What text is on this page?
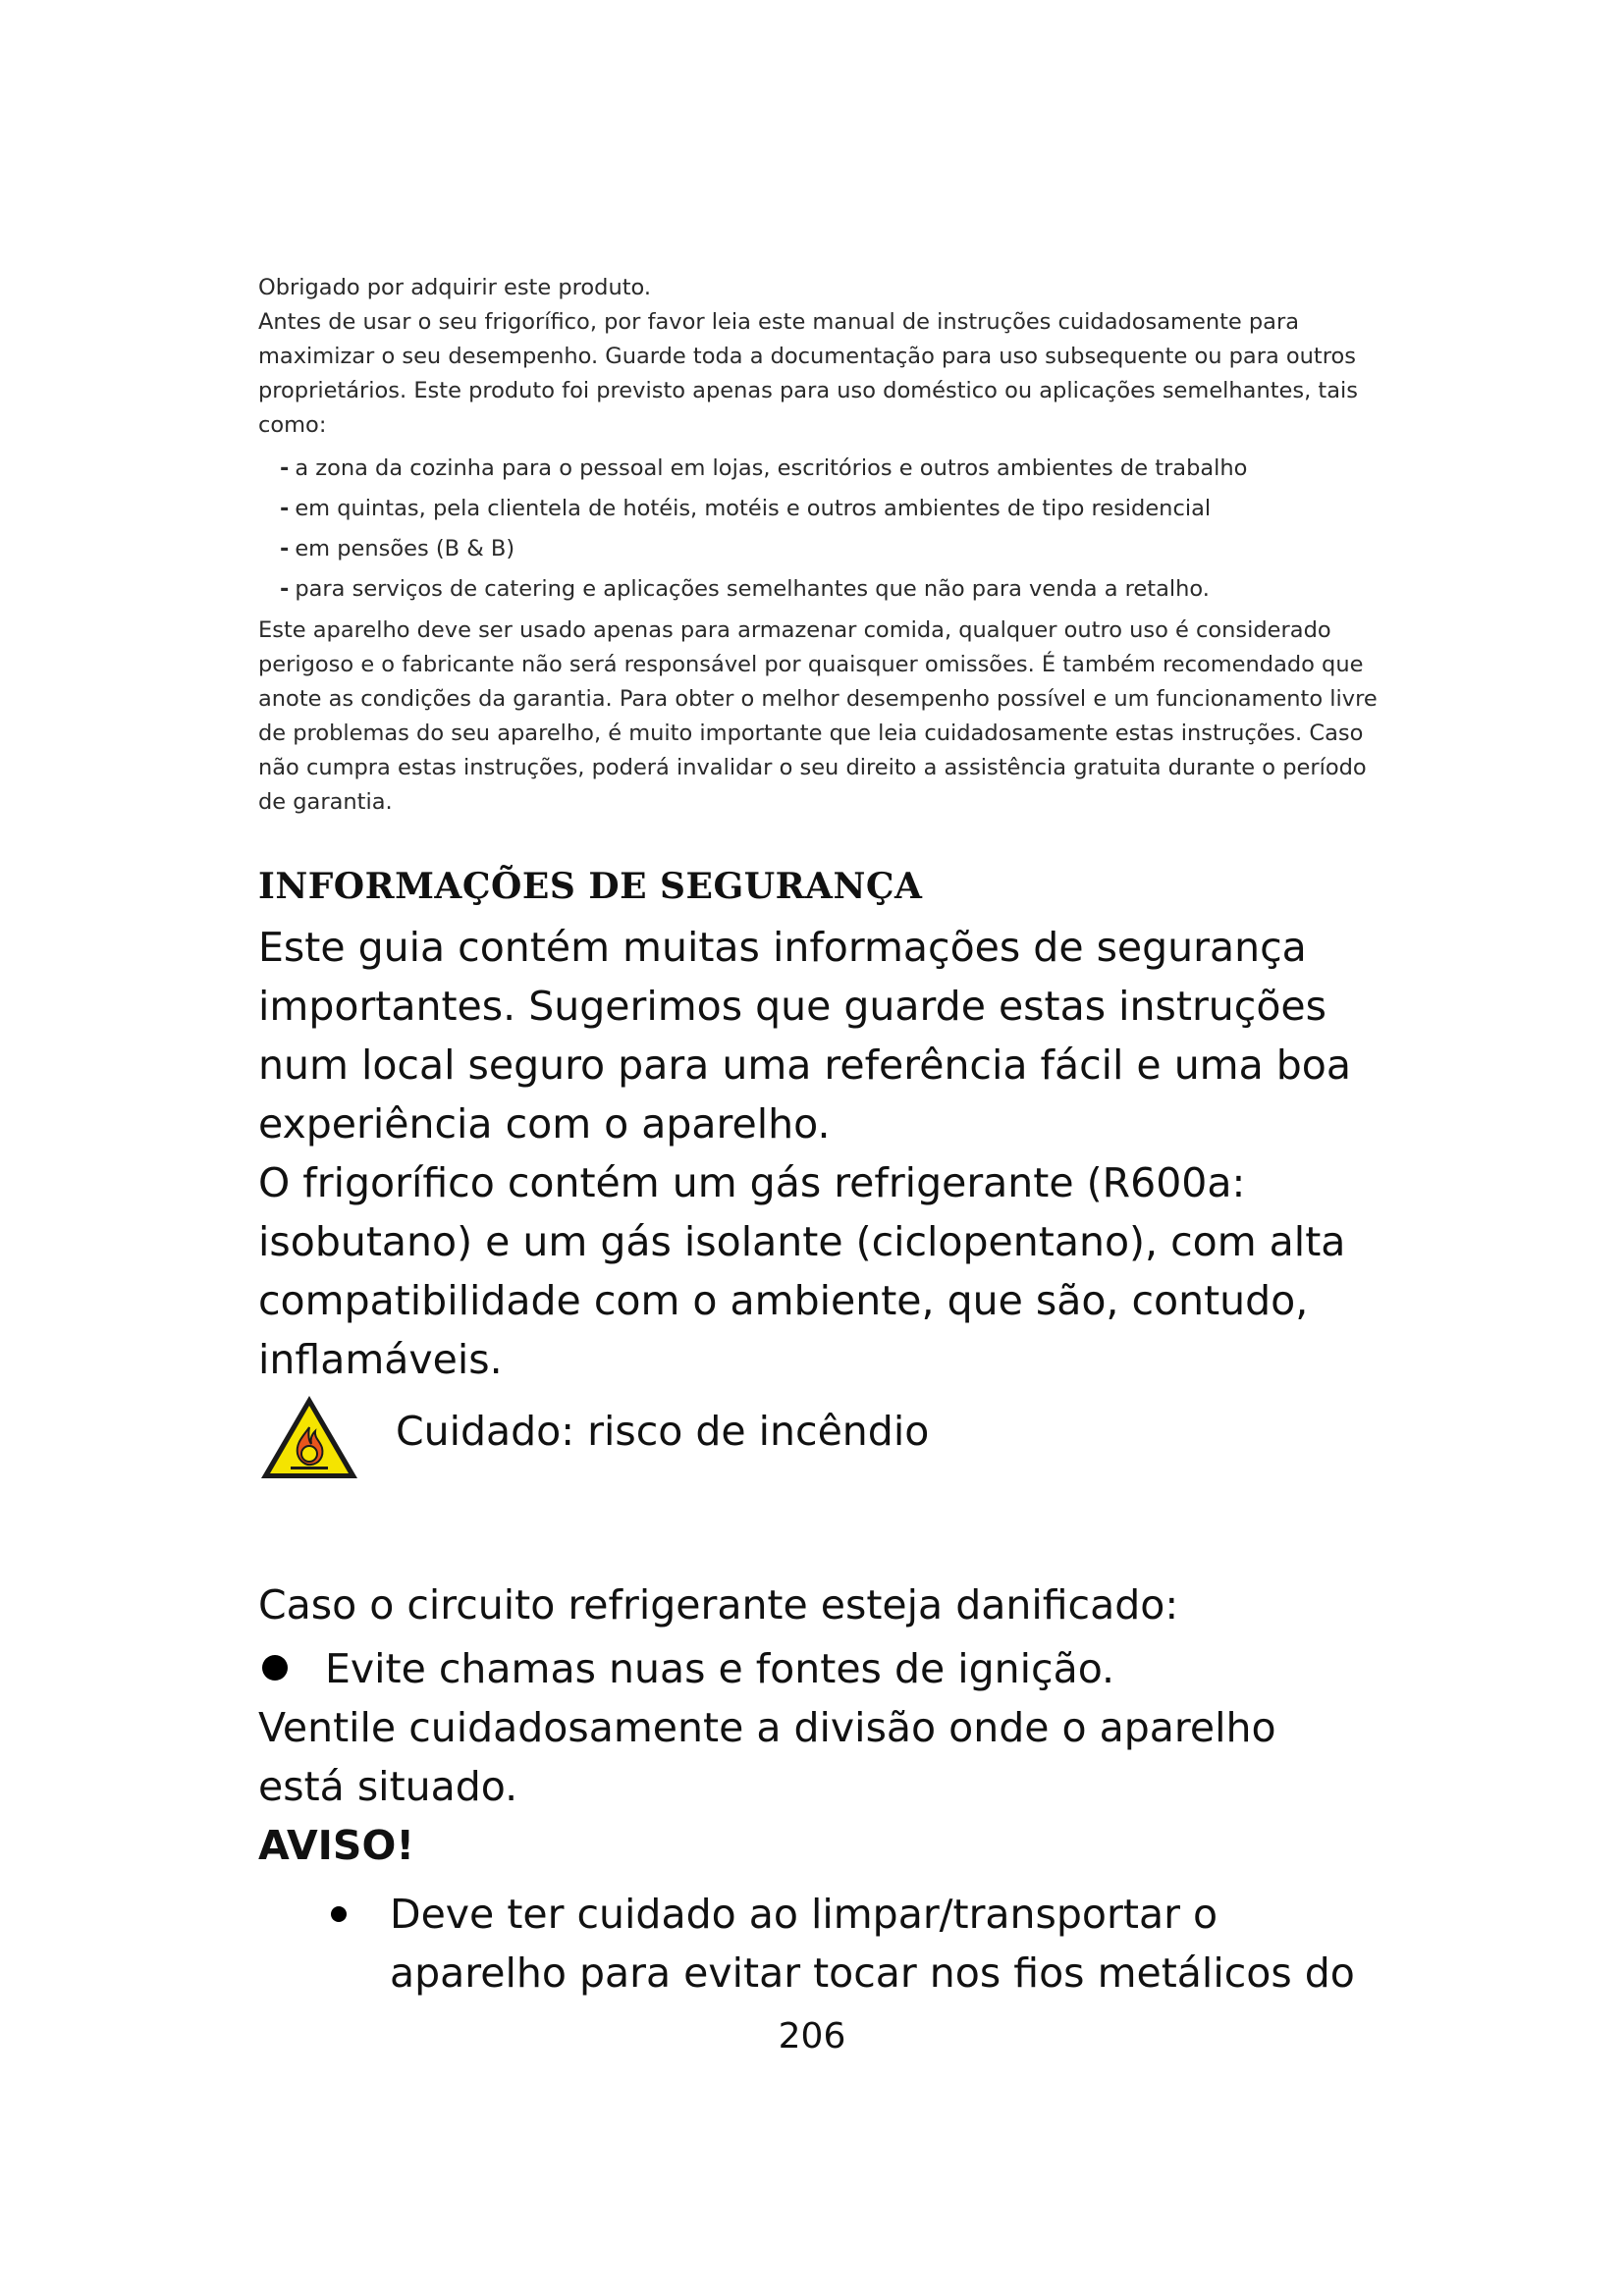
Obrigado por adquirir este produto.

Antes de usar o seu frigorífico, por favor leia este manual de instruções cuidadosamente para maximizar o seu desempenho. Guarde toda a documentação para uso subsequente ou para outros proprietários. Este produto foi previsto apenas para uso doméstico ou aplicações semelhantes, tais como:

- a zona da cozinha para o pessoal em lojas, escritórios e outros ambientes de trabalho
- em quintas, pela clientela de hotéis, motéis e outros ambientes de tipo residencial
- em pensões (B & B)
- para serviços de catering e aplicações semelhantes que não para venda a retalho.

Este aparelho deve ser usado apenas para armazenar comida, qualquer outro uso é considerado perigoso e o fabricante não será responsável por quaisquer omissões. É também recomendado que anote as condições da garantia. Para obter o melhor desempenho possível e um funcionamento livre de problemas do seu aparelho, é muito importante que leia cuidadosamente estas instruções. Caso não cumpra estas instruções, poderá invalidar o seu direito a assistência gratuita durante o período de garantia.

INFORMAÇÕES DE SEGURANÇA

Este guia contém muitas informações de segurança importantes. Sugerimos que guarde estas instruções num local seguro para uma referência fácil e uma boa experiência com o aparelho.

O frigorífico contém um gás refrigerante (R600a: isobutano) e um gás isolante (ciclopentano), com alta compatibilidade com o ambiente, que são, contudo, inflamáveis.

Cuidado: risco de incêndio

Caso o circuito refrigerante esteja danificado:

Evite chamas nuas e fontes de ignição.

Ventile cuidadosamente a divisão onde o aparelho está situado.

AVISO!
Deve ter cuidado ao limpar/transportar o aparelho para evitar tocar nos fios metálicos do
206
